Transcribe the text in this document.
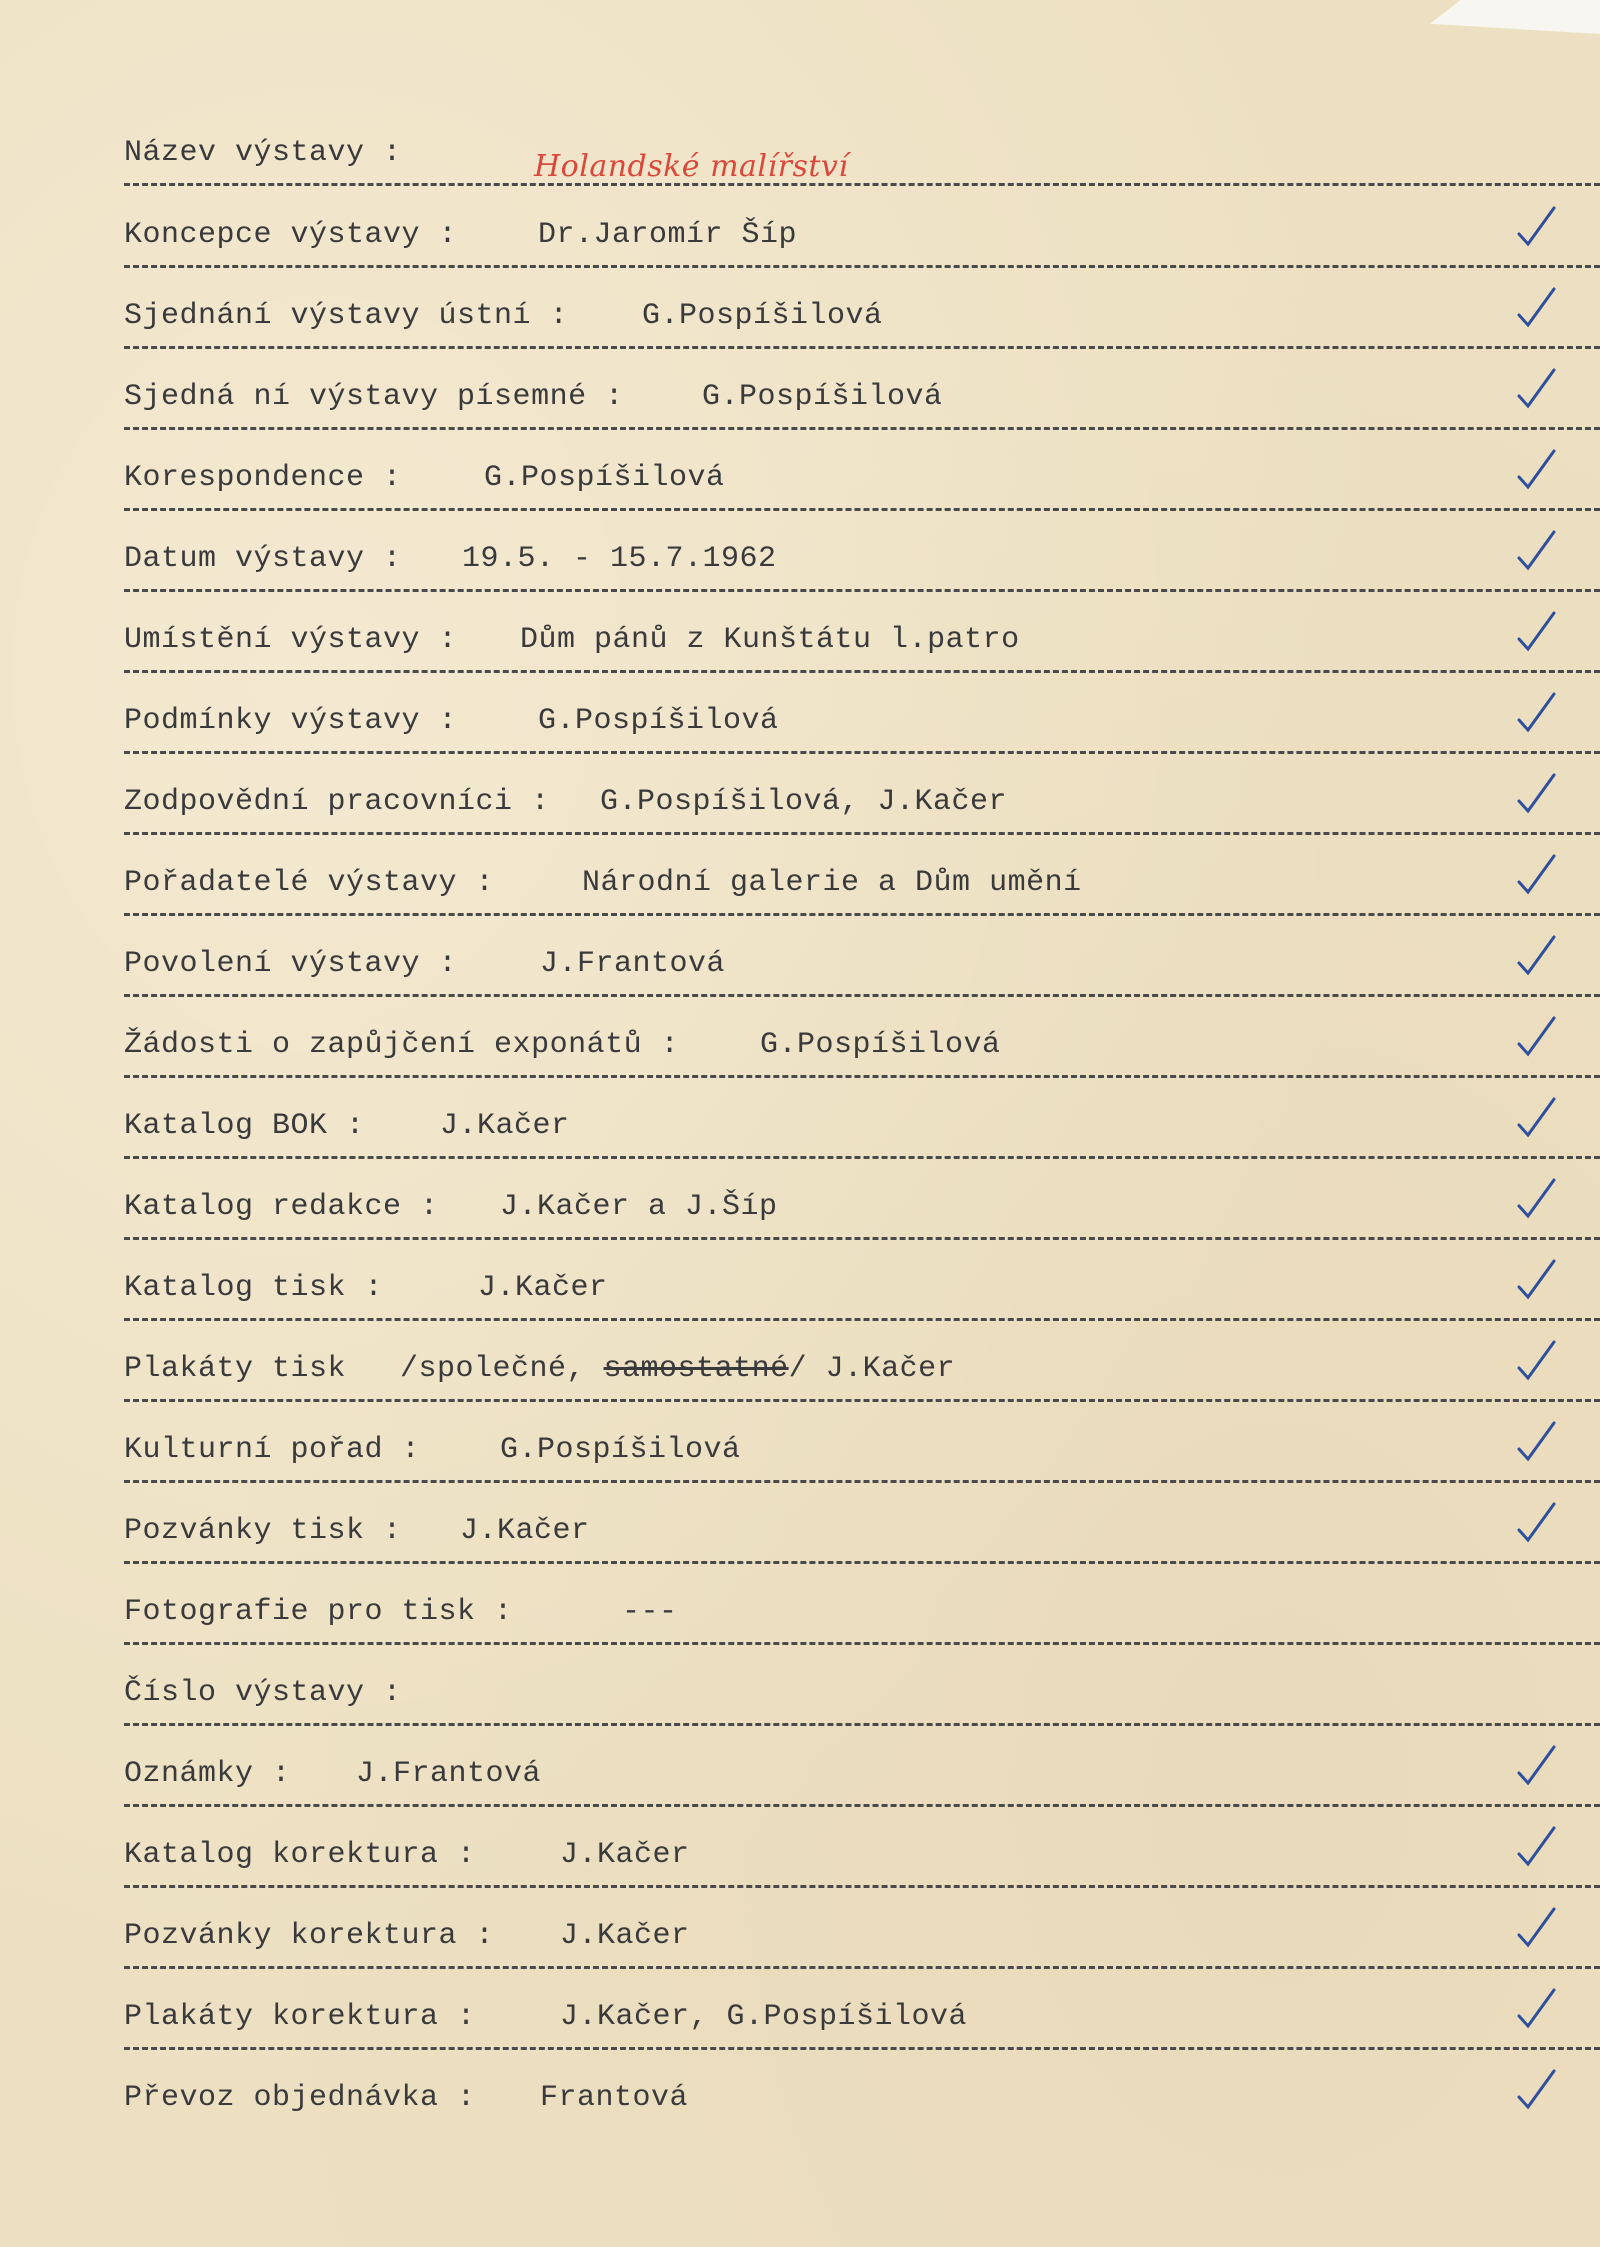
Název výstavy :	Holandské malířství
Koncepce výstavy :	Dr.Jaromír Šíp
Sjednání výstavy ústní : G.Pospíšilová
Sjedná ní výstavy písemné :	G.Pospíšilová
Korespondence :	G.Pospíšilová
Datum výstavy : 19.5. - 15.7.1962
Umístění výstavy : Dům pánů z Kunštátu l.patro
Podmínky výstavy :	G.Pospíšilová
Zodpovědní pracovníci : G.Pospíšilová, J.Kačer
Pořadatelé výstavy :	Národní galerie a Dům umění
Povolení výstavy :	J.Frantová
Žádosti o zapůjčení exponátů :	G.Pospíšilová
Katalog BOK :	J.Kačer
Katalog redakce : J.Kačer a J.Šíp
Katalog tisk :	J.Kačer
Plakáty tisk /společné, samostatné/ J.Kačer
Kulturní pořad :	G.Pospíšilová
Pozvánky tisk : J.Kačer
Fotografie pro tisk :	---
Číslo výstavy :
Oznámky : J.Frantová
Katalog korektura :	J.Kačer
Pozvánky korektura : J.Kačer
Plakáty korektura :	J.Kačer, G.Pospíšilová
Převoz objednávka : Frantová
